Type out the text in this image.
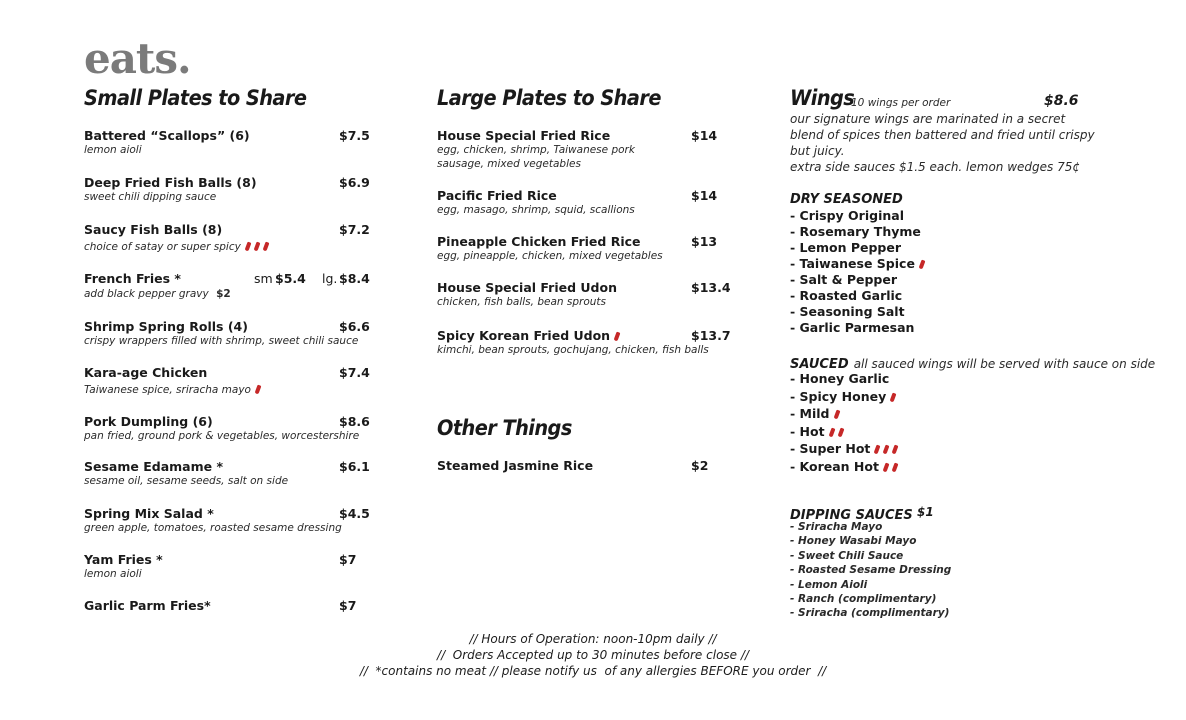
eats.
Small Plates to Share
Battered “Scallops” (6)
lemon aioli
$7.5
Deep Fried Fish Balls (8)
sweet chili dipping sauce
$6.9
Saucy Fish Balls (8)
choice of satay or super spicy
$7.2
French Fries *
add black pepper gravy $2
sm $5.4 lg. $8.4
Shrimp Spring Rolls (4)
crispy wrappers filled with shrimp, sweet chili sauce
$6.6
Kara-age Chicken
Taiwanese spice, sriracha mayo
$7.4
Pork Dumpling (6)
pan fried, ground pork & vegetables, worcestershire
$8.6
Sesame Edamame *
sesame oil, sesame seeds, salt on side
$6.1
Spring Mix Salad *
green apple, tomatoes, roasted sesame dressing
$4.5
Yam Fries *
lemon aioli
$7
Garlic Parm Fries*	$7
Large Plates to Share
House Special Fried Rice
egg, chicken, shrimp, Taiwanese pork sausage, mixed vegetables
$14
Pacific Fried Rice
egg, masago, shrimp, squid, scallions
$14
Pineapple Chicken Fried Rice
egg, pineapple, chicken, mixed vegetables
$13
House Special Fried Udon
chicken, fish balls, bean sprouts
$13.4
Spicy Korean Fried Udon
kimchi, bean sprouts, gochujang, chicken, fish balls
$13.7
Other Things
Steamed Jasmine Rice	$2
Wings
10 wings per order	$8.6
our signature wings are marinated in a secret blend of spices then battered and fried until crispy but juicy.
extra side sauces $1.5 each. lemon wedges 75¢
DRY SEASONED
- Crispy Original
- Rosemary Thyme
- Lemon Pepper
- Taiwanese Spice
- Salt & Pepper
- Roasted Garlic
- Seasoning Salt
- Garlic Parmesan
SAUCED all sauced wings will be served with sauce on side
- Honey Garlic
- Spicy Honey
- Mild
- Hot
- Super Hot
- Korean Hot
DIPPING SAUCES $1
- Sriracha Mayo
- Honey Wasabi Mayo
- Sweet Chili Sauce
- Roasted Sesame Dressing
- Lemon Aioli
- Ranch (complimentary)
- Sriracha (complimentary)
// Hours of Operation: noon-10pm daily //
//  Orders Accepted up to 30 minutes before close //
//  *contains no meat // please notify us  of any allergies BEFORE you order  //
